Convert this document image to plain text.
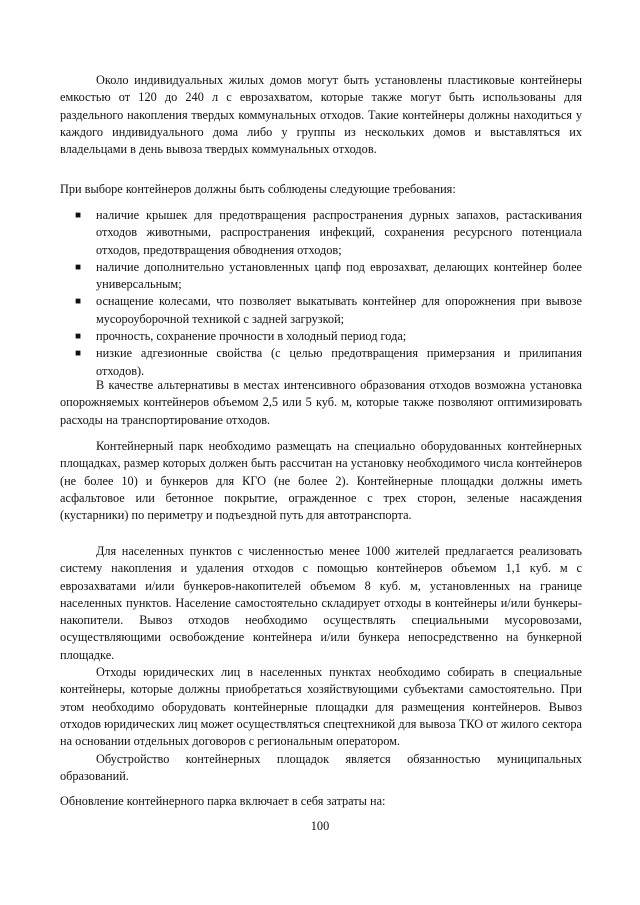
Около индивидуальных жилых домов могут быть установлены пластиковые контейнеры емкостью от 120 до 240 л с еврозахватом, которые также могут быть использованы для раздельного накопления твердых коммунальных отходов. Такие контейнеры должны находиться у каждого индивидуального дома либо у группы из нескольких домов и выставляться их владельцами в день вывоза твердых коммунальных отходов.

При выборе контейнеров должны быть соблюдены следующие требования:

■ наличие крышек для предотвращения распространения дурных запахов, растаскивания отходов животными, распространения инфекций, сохранения ресурсного потенциала отходов, предотвращения обводнения отходов;
■ наличие дополнительно установленных цапф под еврозахват, делающих контейнер более универсальным;
■ оснащение колесами, что позволяет выкатывать контейнер для опорожнения при вывозе мусороуборочной техникой с задней загрузкой;
■ прочность, сохранение прочности в холодный период года;
■ низкие адгезионные свойства (с целью предотвращения примерзания и прилипания отходов).

В качестве альтернативы в местах интенсивного образования отходов возможна установка опорожняемых контейнеров объемом 2,5 или 5 куб. м, которые также позволяют оптимизировать расходы на транспортирование отходов.

Контейнерный парк необходимо размещать на специально оборудованных контейнерных площадках, размер которых должен быть рассчитан на установку необходимого числа контейнеров (не более 10) и бункеров для КГО (не более 2). Контейнерные площадки должны иметь асфальтовое или бетонное покрытие, огражденное с трех сторон, зеленые насаждения (кустарники) по периметру и подъездной путь для автотранспорта.

Для населенных пунктов с численностью менее 1000 жителей предлагается реализовать систему накопления и удаления отходов с помощью контейнеров объемом 1,1 куб. м с еврозахватами и/или бункеров-накопителей объемом 8 куб. м, установленных на границе населенных пунктов. Население самостоятельно складирует отходы в контейнеры и/или бункеры-накопители. Вывоз отходов необходимо осуществлять специальными мусоровозами, осуществляющими освобождение контейнера и/или бункера непосредственно на бункерной площадке.

Отходы юридических лиц в населенных пунктах необходимо собирать в специальные контейнеры, которые должны приобретаться хозяйствующими субъектами самостоятельно. При этом необходимо оборудовать контейнерные площадки для размещения контейнеров. Вывоз отходов юридических лиц может осуществляться спецтехникой для вывоза ТКО от жилого сектора на основании отдельных договоров с региональным оператором.

Обустройство контейнерных площадок является обязанностью муниципальных образований.

Обновление контейнерного парка включает в себя затраты на:

100
